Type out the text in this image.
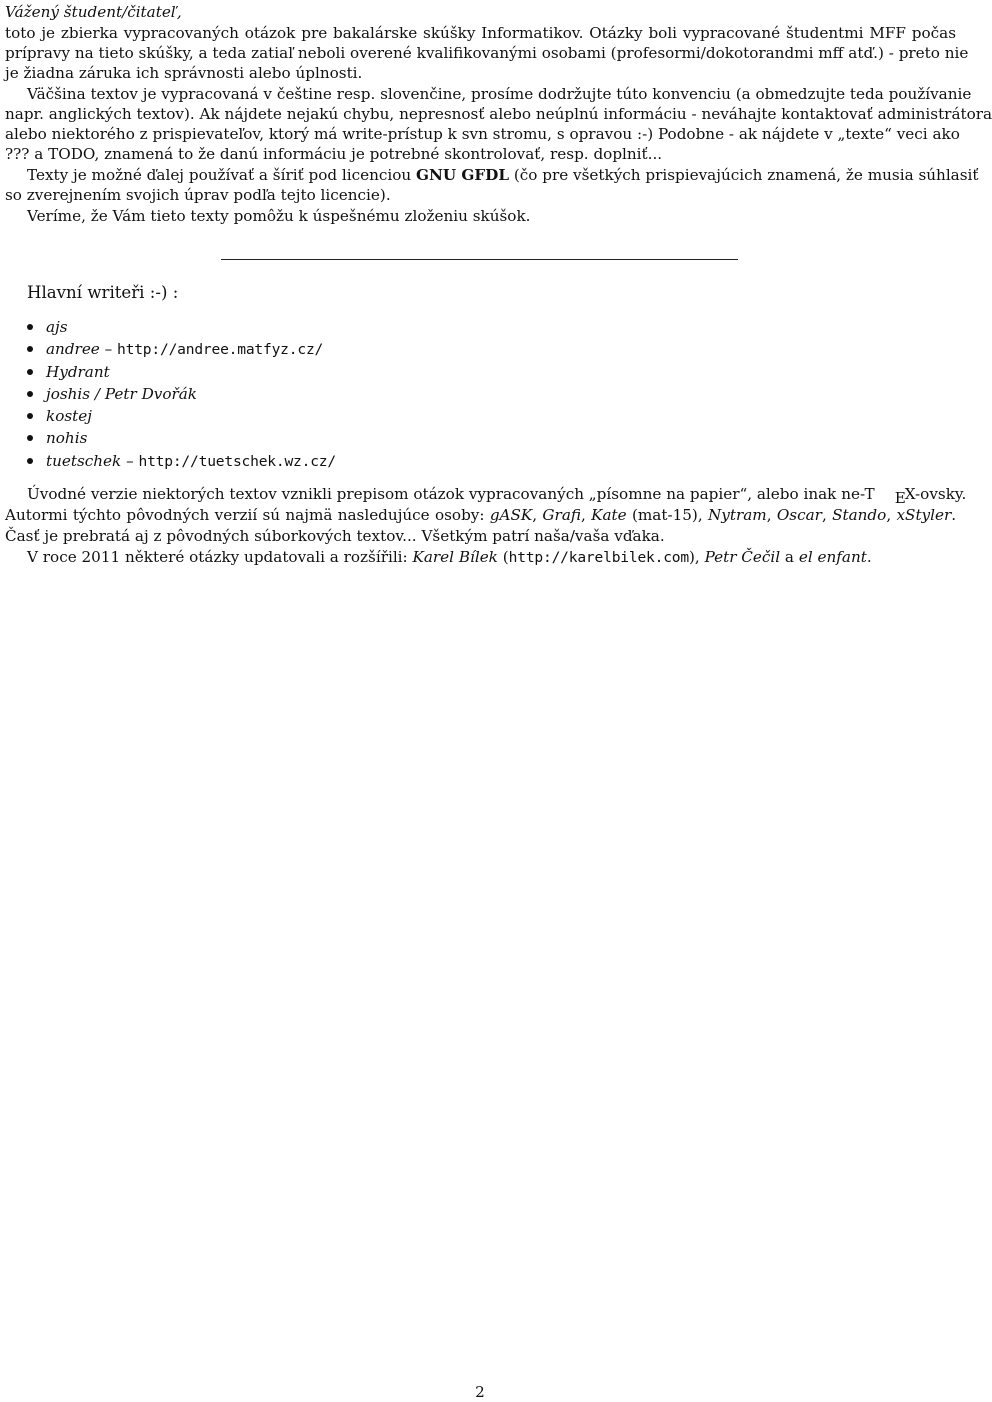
Vážený študent/čitateľ,
toto je zbierka vypracovaných otázok pre bakalárske skúšky Informatikov. Otázky boli vypracované študentmi MFF počas
prípravy na tieto skúšky, a teda zatiaľ neboli overené kvalifikovanými osobami (profesormi/dokotorandmi mff atď.) - preto nie
je žiadna záruka ich správnosti alebo úplnosti.
Väčšina textov je vypracovaná v češtine resp. slovenčine, prosíme dodržujte túto konvenciu (a obmedzujte teda používanie
napr. anglických textov). Ak nájdete nejakú chybu, nepresnosť alebo neúplnú informáciu - neváhajte kontaktovať administrátora
alebo niektorého z prispievateľov, ktorý má write-prístup k svn stromu, s opravou :-) Podobne - ak nájdete v „texte“ veci ako
??? a TODO, znamená to že danú informáciu je potrebné skontrolovať, resp. doplniť...
Texty je možné ďalej používať a šíriť pod licenciou GNU GFDL (čo pre všetkých prispievajúcich znamená, že musia súhlasiť
so zverejnením svojich úprav podľa tejto licencie).
Veríme, že Vám tieto texty pomôžu k úspešnému zloženiu skúšok.
Hlavní writeři :-) :
ajs
andree – http://andree.matfyz.cz/
Hydrant
joshis / Petr Dvořák
kostej
nohis
tuetschek – http://tuetschek.wz.cz/
Úvodné verzie niektorých textov vznikli prepisom otázok vypracovaných „písomne na papier“, alebo inak ne-T EX-ovsky.
Autormi týchto pôvodných verzií sú najmä nasledujúce osoby: gASK, Grafi, Kate (mat-15), Nytram, Oscar, Stando, xStyler.
Časť je prebratá aj z pôvodných súborkových textov... Všetkým patrí naša/vaša vďaka.
V roce 2011 některé otázky updatovali a rozšířili: Karel Bílek (http://karelbilek.com), Petr Čečil a el enfant.
2
